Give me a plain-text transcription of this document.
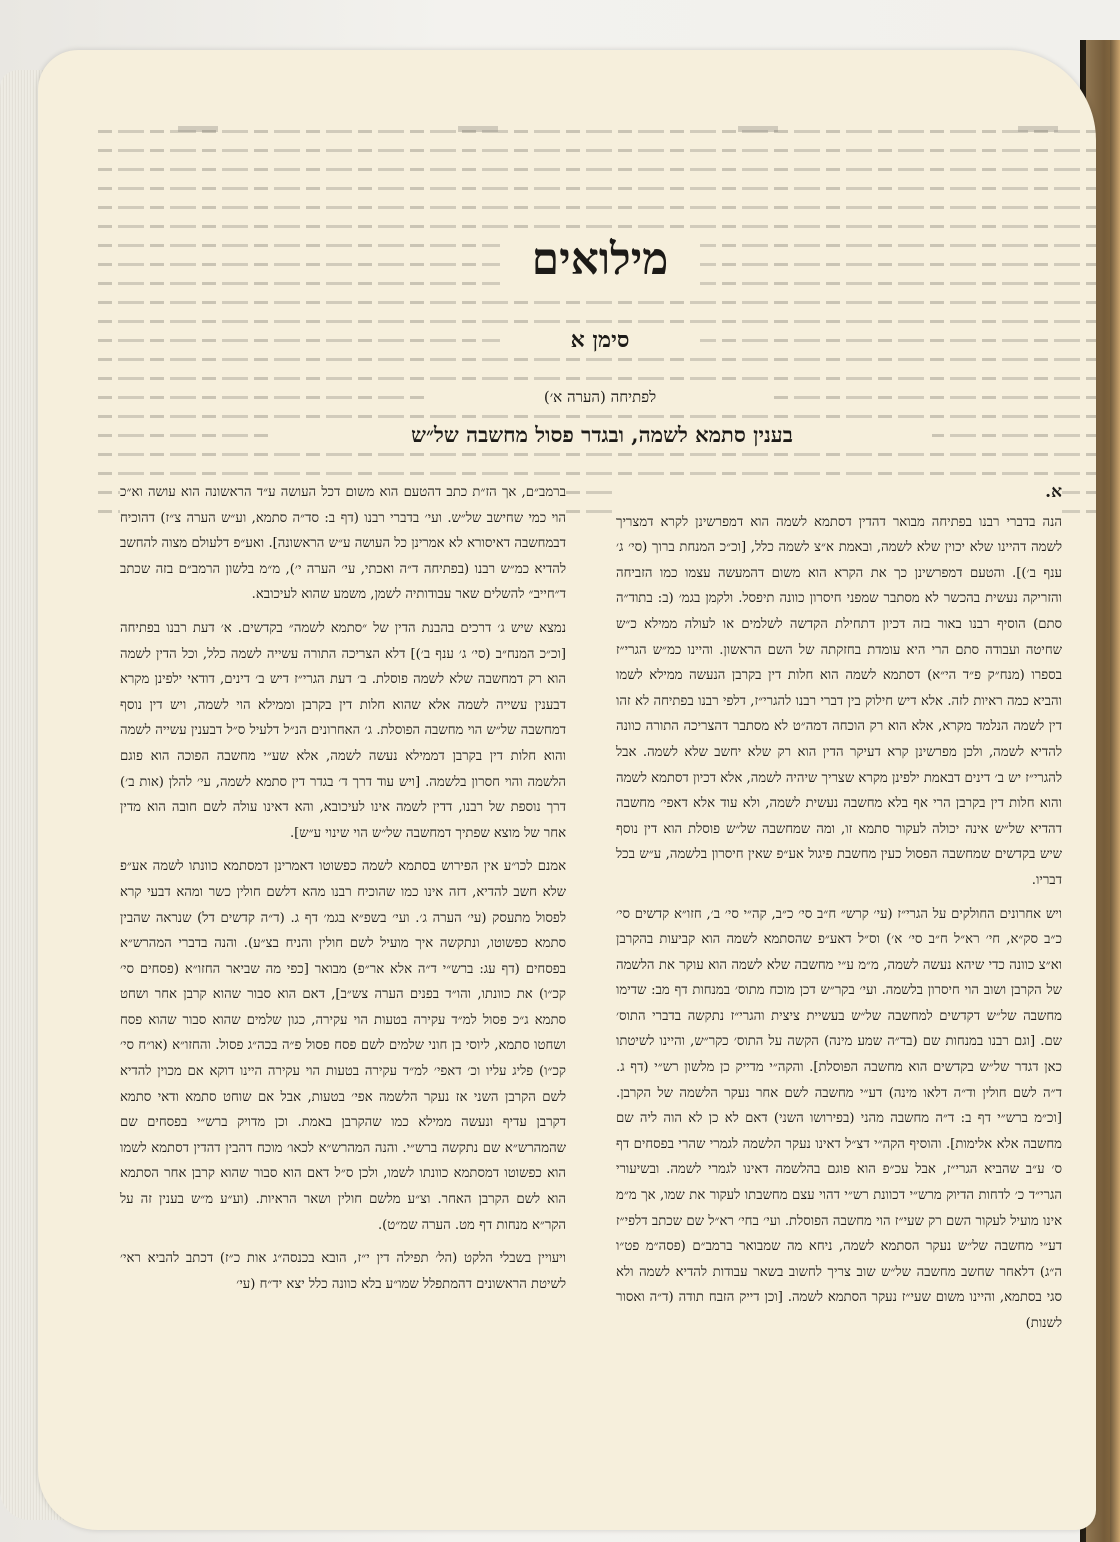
מילואים
סימן א
לפתיחה (הערה א׳)
בענין סתמא לשמה, ובגדר פסול מחשבה של״ש
א.

הנה בדברי רבנו בפתיחה מבואר דהדין דסתמא לשמה הוא דמפרשינן לקרא דמצריך לשמה דהיינו שלא יכוין שלא לשמה, ובאמת א״צ לשמה כלל, [וכ״כ המנחת ברוך (סי׳ ג׳ ענף ב׳)]. והטעם דמפרשינן כך את הקרא הוא משום דהמעשה עצמו כמו הזביחה והזריקה נעשית בהכשר לא מסתבר שמפני חיסרון כוונה תיפסל. ולקמן בגמ׳ (ב: בתוד״ה סתם) הוסיף רבנו באור בזה דכיון דתחילת הקדשה לשלמים או לעולה ממילא כ״ש שחיטה ועבודה סתם הרי היא עומדת בחזקתה של השם הראשון. והיינו כמ״ש הגרי״ז בספרו (מנח״ק פ״ד הי״א) דסתמא לשמה הוא חלות דין בקרבן הנעשה ממילא לשמו והביא כמה ראיות לזה. אלא דיש חילוק בין דברי רבנו להגרי״ז, דלפי רבנו בפתיחה לא זהו דין לשמה הנלמד מקרא, אלא הוא רק הוכחה דמה״ט לא מסתבר דהצריכה התורה כוונה להדיא לשמה, ולכן מפרשינן קרא דעיקר הדין הוא רק שלא יחשב שלא לשמה. אבל להגרי״ז יש ב׳ דינים דבאמת ילפינן מקרא שצריך שיהיה לשמה, אלא דכיון דסתמא לשמה והוא חלות דין בקרבן הרי אף בלא מחשבה נעשית לשמה, ולא עוד אלא דאפי׳ מחשבה דהדיא של״ש אינה יכולה לעקור סתמא זו, ומה שמחשבה של״ש פוסלת הוא דין נוסף שיש בקדשים שמחשבה הפסול כעין מחשבת פיגול אע״פ שאין חיסרון בלשמה, ע״ש בכל דבריו.

ויש אחרונים החולקים על הגרי״ז (עי׳ קרש״ ח״ב סי׳ כ״ב, קה״י סי׳ ב׳, חזו״א קדשים סי׳ כ״ב סק״א, חי׳ רא״ל ח״ב סי׳ א׳) וס״ל דאע״פ שהסתמא לשמה הוא קביעות בהקרבן וא״צ כוונה כדי שיהא נעשה לשמה, מ״מ ע״י מחשבה שלא לשמה הוא עוקר את הלשמה של הקרבן ושוב הוי חיסרון בלשמה. ועי׳ בקר״ש דכן מוכח מתוס׳ במנחות דף מב: שדימו מחשבה של״ש דקדשים למחשבה של״ש בעשיית ציצית והגרי״ז נתקשה בדברי התוס׳ שם. [וגם רבנו במנחות שם (בד״ה שמע מינה) הקשה על התוס׳ כקר״ש, והיינו לשיטתו כאן דגדר של״ש בקדשים הוא מחשבה הפוסלת]. והקה״י מדייק כן מלשון רש״י (דף ג. ד״ה לשם חולין וד״ה דלאו מינה) דע״י מחשבה לשם אחר נעקר הלשמה של הקרבן. [וכ״מ ברש״י דף ב: ד״ה מחשבה מהני (בפירושו השני) דאם לא כן לא הוה ליה שם מחשבה אלא אלימות]. והוסיף הקה״י דצ״ל דאינו נעקר הלשמה לגמרי שהרי בפסחים דף ס׳ ע״ב שהביא הגרי״ז, אבל עכ״פ הוא פוגם בהלשמה דאינו לגמרי לשמה. ובשיעורי הגרי״ד כ׳ לדחות הדיוק מרש״י דכוונת רש״י דהוי עצם מחשבתו לעקור את שמו, אך מ״מ אינו מועיל לעקור השם רק שעי״ז הוי מחשבה הפוסלת. ועי׳ בחי׳ רא״ל שם שכתב דלפי״ז דע״י מחשבה של״ש נעקר הסתמא לשמה, ניחא מה שמבואר ברמב״ם (פסה״מ פט״ו ה״ג) דלאחר שחשב מחשבה של״ש שוב צריך לחשוב בשאר עבודות להדיא לשמה ולא סגי בסתמא, והיינו משום שעי״ז נעקר הסתמא לשמה. [וכן דייק הזבח תודה (ד״ה ואסור לשנות)

ברמב״ם, אך הז״ת כתב דהטעם הוא משום דכל העושה ע״ד הראשונה הוא עושה וא״כ הוי כמי שחישב של״ש. ועי׳ בדברי רבנו (דף ב: סד״ה סתמא, וע״ש הערה צ״ז) דהוכיח דבמחשבה דאיסורא לא אמרינן כל העושה ע״ש הראשונה]. ואע״פ דלעולם מצוה להחשב להדיא כמ״ש רבנו (בפתיחה ד״ה ואכתי, עי׳ הערה י׳), מ״מ בלשון הרמב״ם בזה שכתב ד״חייב״ להשלים שאר עבודותיה לשמן, משמע שהוא לעיכובא.

נמצא שיש ג׳ דרכים בהבנת הדין של ״סתמא לשמה״ בקדשים. א׳ דעת רבנו בפתיחה [וכ״כ המנח״ב (סי׳ ג׳ ענף ב׳)] דלא הצריכה התורה עשייה לשמה כלל, וכל הדין לשמה הוא רק דמחשבה שלא לשמה פוסלת. ב׳ דעת הגרי״ז דיש ב׳ דינים, דודאי ילפינן מקרא דבענין עשייה לשמה אלא שהוא חלות דין בקרבן וממילא הוי לשמה, ויש דין נוסף דמחשבה של״ש הוי מחשבה הפוסלת. ג׳ האחרונים הנ״ל דלעיל ס״ל דבענין עשייה לשמה והוא חלות דין בקרבן דממילא נעשה לשמה, אלא שע״י מחשבה הפוכה הוא פוגם הלשמה והוי חסרון בלשמה. [ויש עוד דרך ד׳ בגדר דין סתמא לשמה, עי׳ להלן (אות ב׳) דרך נוספת של רבנו, דדין לשמה אינו לעיכובא, והא דאינו עולה לשם חובה הוא מדין אחר של מוצא שפתיך דמחשבה של״ש הוי שינוי ע״ש].

אמנם לכו״ע אין הפירוש בסתמא לשמה כפשוטו דאמרינן דמסתמא כוונתו לשמה אע״פ שלא חשב להדיא, דזה אינו כמו שהוכיח רבנו מהא דלשם חולין כשר ומהא דבעי קרא לפסול מתעסק (עי׳ הערה ג׳. ועי׳ בשפ״א בגמ׳ דף ג. (ד״ה קדשים דל) שנראה שהבין סתמא כפשוטו, ונתקשה איך מועיל לשם חולין והניח בצ״ע). והנה בדברי המהרש״א בפסחים (דף עג: ברש״י ד״ה אלא אר״פ) מבואר [כפי מה שביאר החזו״א (פסחים סי׳ קכ״ו) את כוונתו, והו״ד בפנים הערה צש״ב], דאם הוא סבור שהוא קרבן אחר ושחט סתמא ג״כ פסול למ״ד עקירה בטעות הוי עקירה, כגון שלמים שהוא סבור שהוא פסח ושחטו סתמא, ליוסי בן חוני שלמים לשם פסח פסול פ״ה בכה״ג פסול. והחזו״א (או״ח סי׳ קכ״ו) פליג עליו וכ׳ דאפי׳ למ״ד עקירה בטעות הוי עקירה היינו דוקא אם מכוין להדיא לשם הקרבן השני אז נעקר הלשמה אפי׳ בטעות, אבל אם שוחט סתמא ודאי סתמא דקרבן עדיף ונעשה ממילא כמו שהקרבן באמת. וכן מדויק ברש״י בפסחים שם שהמהרש״א שם נתקשה ברש״י. והנה המהרש״א לכאו׳ מוכח דהבין דהדין דסתמא לשמו הוא כפשוטו דמסתמא כוונתו לשמו, ולכן ס״ל דאם הוא סבור שהוא קרבן אחר הסתמא הוא לשם הקרבן האחר. וצ״ע מלשם חולין ושאר הראיות. (וע״ע מ״ש בענין זה על הקר״א מנחות דף מט. הערה שמ״ט).

ויעויין בשבלי הלקט (הל׳ תפילה דין י״ז, הובא בכנסה״ג אות כ״ז) דכתב להביא ראי׳ לשיטת הראשונים דהמתפלל שמו״ע בלא כוונה כלל יצא יד״ח (עי׳
